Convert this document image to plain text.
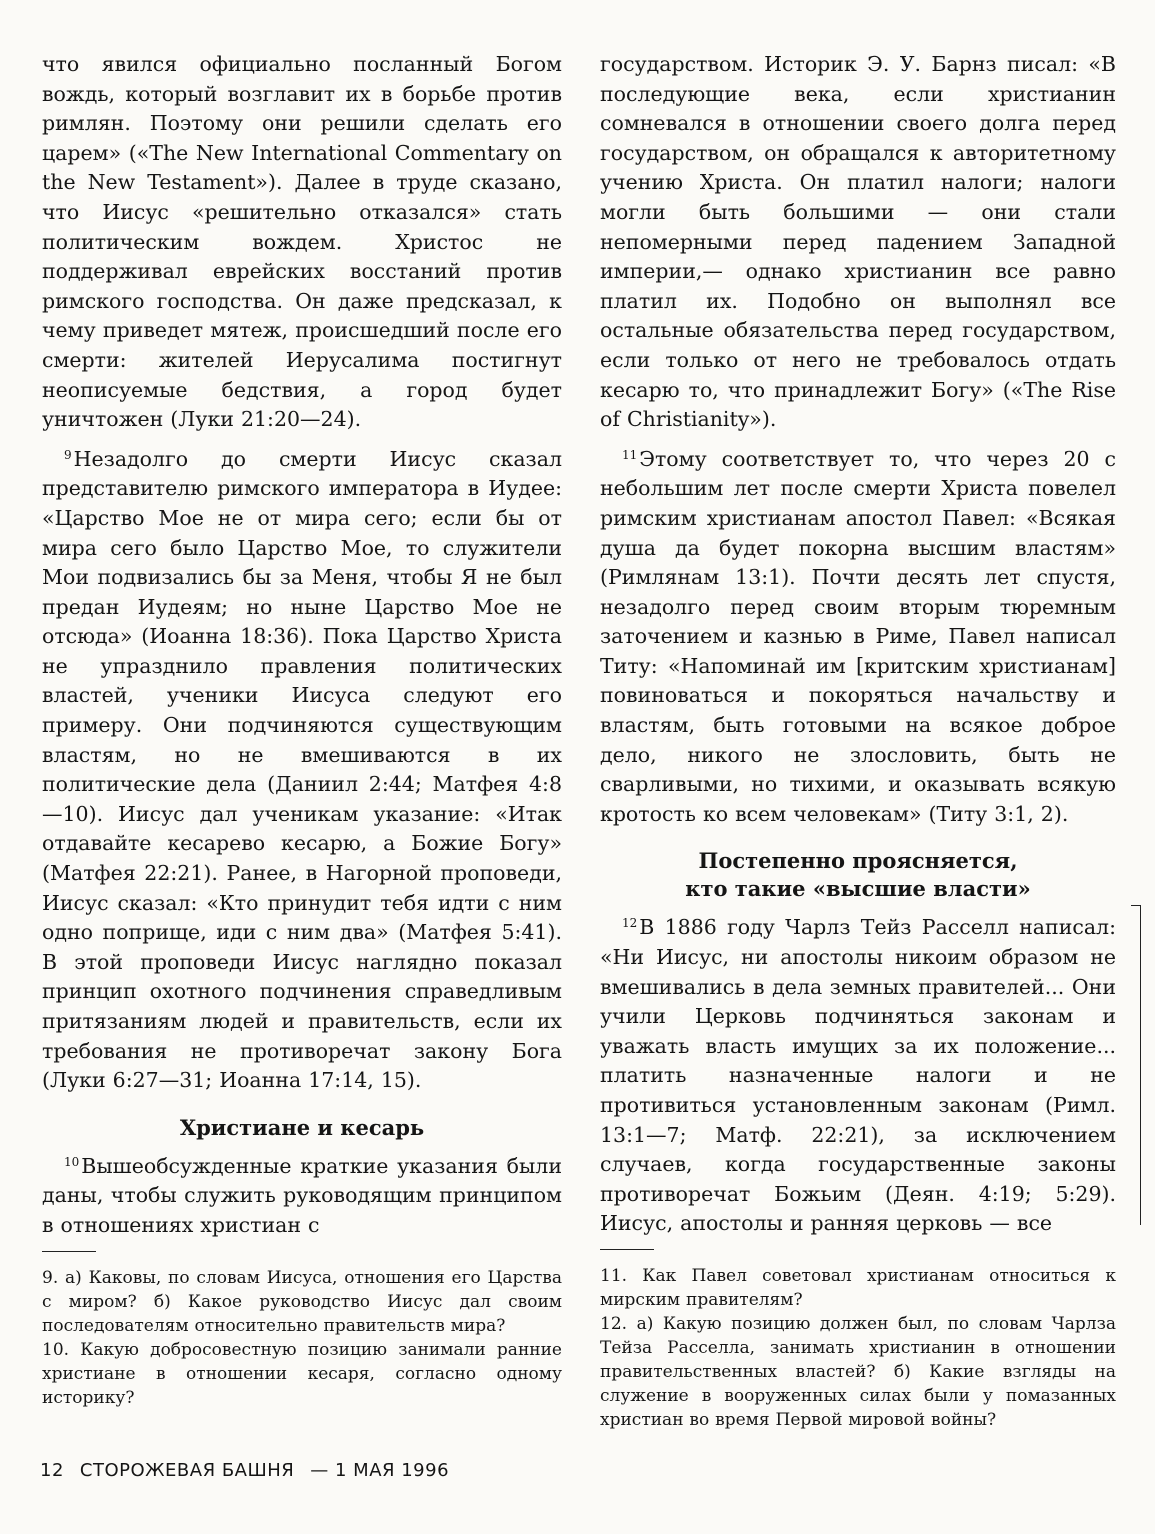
что явился официально посланный Богом вождь, который возглавит их в борьбе против римлян. Поэтому они решили сделать его царем» («The New International Commentary on the New Testament»). Далее в труде сказано, что Иисус «решительно отказался» стать политическим вождем. Христос не поддерживал еврейских восстаний против римского господства. Он даже предсказал, к чему приведет мятеж, происшедший после его смерти: жителей Иерусалима постигнут неописуемые бедствия, а город будет уничтожен (Луки 21:20—24).

$^9$Незадолго до смерти Иисус сказал представителю римского императора в Иудее: «Царство Мое не от мира сего; если бы от мира сего было Царство Мое, то служители Мои подвизались бы за Меня, чтобы Я не был предан Иудеям; но ныне Царство Мое не отсюда» (Иоанна 18:36). Пока Царство Христа не упразднило правления политических властей, ученики Иисуса следуют его примеру. Они подчиняются существующим властям, но не вмешиваются в их политические дела (Даниил 2:44; Матфея 4:8—10). Иисус дал ученикам указание: «Итак отдавайте кесарево кесарю, а Божие Богу» (Матфея 22:21). Ранее, в Нагорной проповеди, Иисус сказал: «Кто принудит тебя идти с ним одно поприще, иди с ним два» (Матфея 5:41). В этой проповеди Иисус наглядно показал принцип охотного подчинения справедливым притязаниям людей и правительств, если их требования не противоречат закону Бога (Луки 6:27—31; Иоанна 17:14, 15).

Христиане и кесарь

$^{10}$Вышеобсужденные краткие указания были даны, чтобы служить руководящим принципом в отношениях христиан с

9. а) Каковы, по словам Иисуса, отношения его Царства с миром? б) Какое руководство Иисус дал своим последователям относительно правительств мира?

10. Какую добросовестную позицию занимали ранние христиане в отношении кесаря, согласно одному историку?

государством. Историк Э. У. Барнз писал: «В последующие века, если христианин сомневался в отношении своего долга перед государством, он обращался к авторитетному учению Христа. Он платил налоги; налоги могли быть большими — они стали непомерными перед падением Западной империи,— однако христианин все равно платил их. Подобно он выполнял все остальные обязательства перед государством, если только от него не требовалось отдать кесарю то, что принадлежит Богу» («The Rise of Christianity»).

$^{11}$Этому соответствует то, что через 20 с небольшим лет после смерти Христа повелел римским христианам апостол Павел: «Всякая душа да будет покорна высшим властям» (Римлянам 13:1). Почти десять лет спустя, незадолго перед своим вторым тюремным заточением и казнью в Риме, Павел написал Титу: «Напоминай им [критским христианам] повиноваться и покоряться начальству и властям, быть готовыми на всякое доброе дело, никого не злословить, быть не сварливыми, но тихими, и оказывать всякую кротость ко всем человекам» (Титу 3:1, 2).

Постепенно проясняется,
кто такие «высшие власти»

$^{12}$В 1886 году Чарлз Тейз Расселл написал: «Ни Иисус, ни апостолы никоим образом не вмешивались в дела земных правителей... Они учили Церковь подчиняться законам и уважать власть имущих за их положение... платить назначенные налоги и не противиться установленным законам (Римл. 13:1—7; Матф. 22:21), за исключением случаев, когда государственные законы противоречат Божьим (Деян. 4:19; 5:29). Иисус, апостолы и ранняя церковь — все

11. Как Павел советовал христианам относиться к мирским правителям?

12. а) Какую позицию должен был, по словам Чарлза Тейза Расселла, занимать христианин в отношении правительственных властей? б) Какие взгляды на служение в вооруженных силах были у помазанных христиан во время Первой мировой войны?

12 СТОРОЖЕВАЯ БАШНЯ — 1 МАЯ 1996
